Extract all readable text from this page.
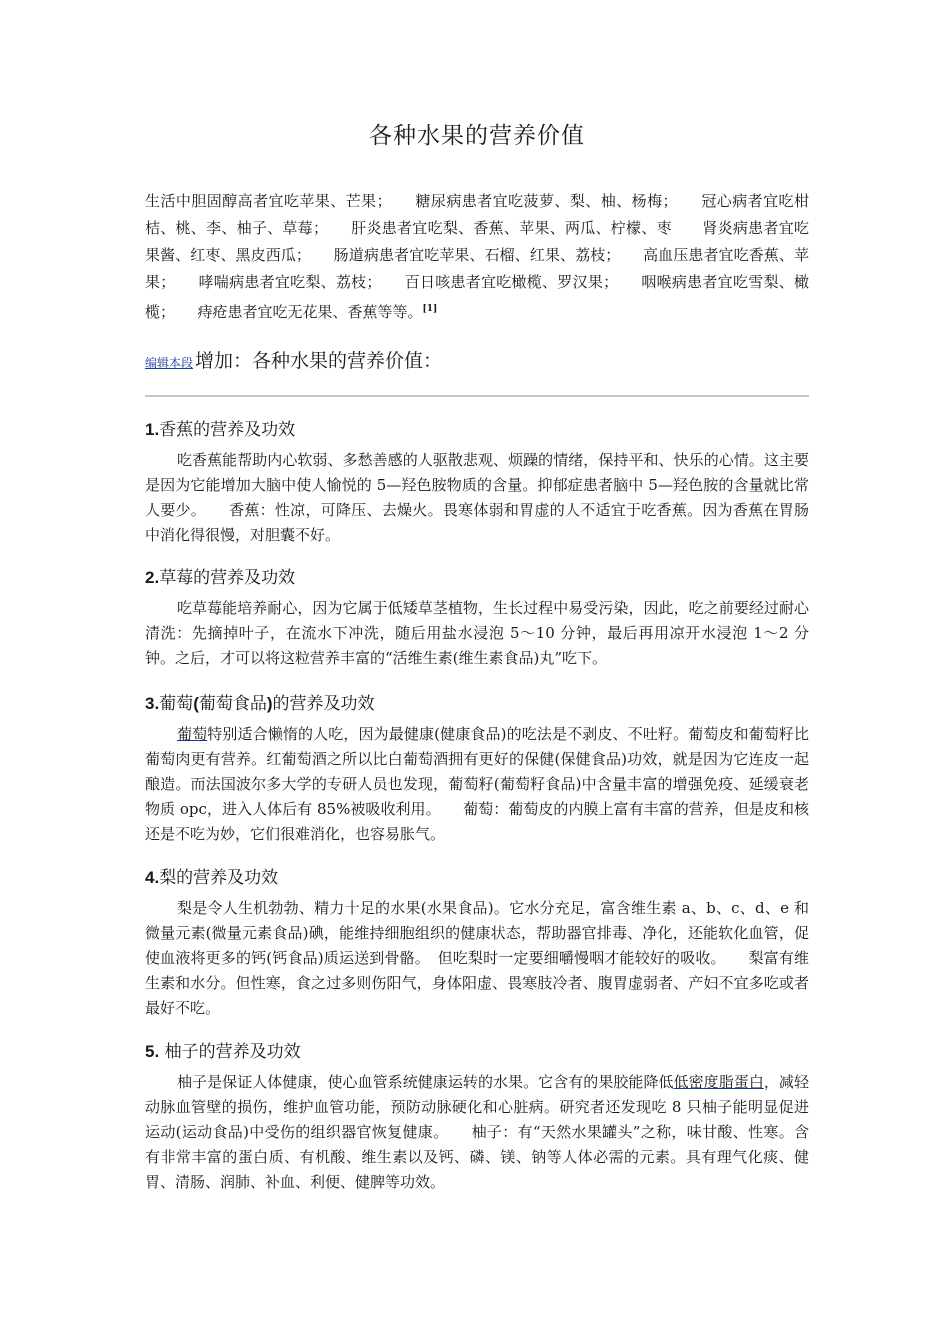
各种水果的营养价值

生活中胆固醇高者宜吃苹果、芒果；　　糖尿病患者宜吃菠萝、梨、柚、杨梅；　　冠心病者宜吃柑桔、桃、李、柚子、草莓；　　肝炎患者宜吃梨、香蕉、苹果、两瓜、柠檬、枣　　肾炎病患者宜吃果酱、红枣、黑皮西瓜；　　肠道病患者宜吃苹果、石榴、红果、荔枝；　　高血压患者宜吃香蕉、苹果；　　哮喘病患者宜吃梨、荔枝；　　百日咳患者宜吃橄榄、罗汉果；　　咽喉病患者宜吃雪梨、橄榄；　　痔疮患者宜吃无花果、香蕉等等。[1]

编辑本段 增加：各种水果的营养价值：
1.香蕉的营养及功效

吃香蕉能帮助内心软弱、多愁善感的人驱散悲观、烦躁的情绪，保持平和、快乐的心情。这主要是因为它能增加大脑中使人愉悦的 5—羟色胺物质的含量。抑郁症患者脑中 5—羟色胺的含量就比常人要少。　　香蕉：性凉，可降压、去燥火。畏寒体弱和胃虚的人不适宜于吃香蕉。因为香蕉在胃肠中消化得很慢，对胆囊不好。

2.草莓的营养及功效

吃草莓能培养耐心，因为它属于低矮草茎植物，生长过程中易受污染，因此，吃之前要经过耐心清洗：先摘掉叶子，在流水下冲洗，随后用盐水浸泡 5～10 分钟，最后再用凉开水浸泡 1～2 分钟。之后，才可以将这粒营养丰富的“活维生素(维生素食品)丸”吃下。

3.葡萄(葡萄食品)的营养及功效

葡萄特别适合懒惰的人吃，因为最健康(健康食品)的吃法是不剥皮、不吐籽。葡萄皮和葡萄籽比葡萄肉更有营养。红葡萄酒之所以比白葡萄酒拥有更好的保健(保健食品)功效，就是因为它连皮一起酿造。而法国波尔多大学的专研人员也发现，葡萄籽(葡萄籽食品)中含量丰富的增强免疫、延缓衰老物质 opc，进入人体后有 85%被吸收利用。　　葡萄：葡萄皮的内膜上富有丰富的营养，但是皮和核还是不吃为妙，它们很难消化，也容易胀气。

4.梨的营养及功效

梨是令人生机勃勃、精力十足的水果(水果食品)。它水分充足，富含维生素 a、b、c、d、e 和微量元素(微量元素食品)碘，能维持细胞组织的健康状态，帮助器官排毒、净化，还能软化血管，促使血液将更多的钙(钙食品)质运送到骨骼。　但吃梨时一定要细嚼慢咽才能较好的吸收。　　梨富有维生素和水分。但性寒，食之过多则伤阳气，身体阳虚、畏寒肢冷者、腹胃虚弱者、产妇不宜多吃或者最好不吃。

5. 柚子的营养及功效

柚子是保证人体健康，使心血管系统健康运转的水果。它含有的果胶能降低低密度脂蛋白，减轻动脉血管壁的损伤，维护血管功能，预防动脉硬化和心脏病。研究者还发现吃 8 只柚子能明显促进运动(运动食品)中受伤的组织器官恢复健康。　　柚子：有“天然水果罐头”之称，味甘酸、性寒。含有非常丰富的蛋白质、有机酸、维生素以及钙、磷、镁、钠等人体必需的元素。具有理气化痰、健胃、清肠、润肺、补血、利便、健脾等功效。
